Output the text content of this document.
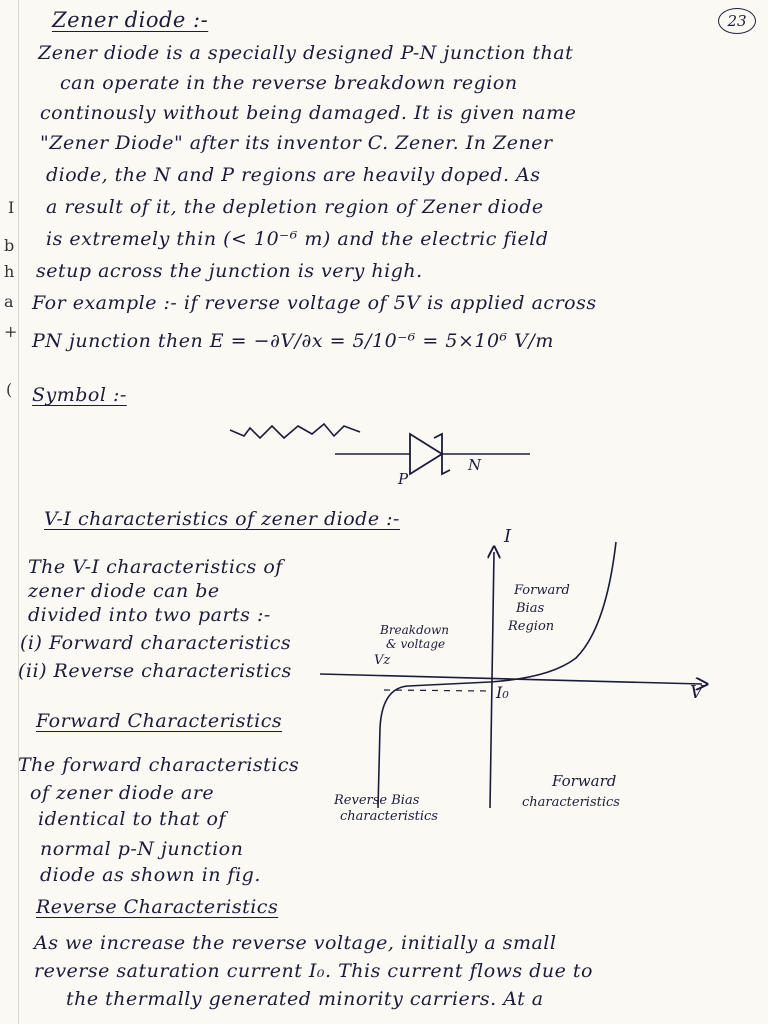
I
b
h
a
+
(
23
Zener diode :-
Zener diode is a specially designed P-N junction that
can operate in the reverse breakdown region
continously without being damaged. It is given name
"Zener Diode" after its inventor C. Zener. In Zener
diode, the N and P regions are heavily doped. As
a result of it, the depletion region of Zener diode
is extremely thin (< 10⁻⁶ m) and the electric field
setup across the junction is very high.
For example :- if reverse voltage of 5V is applied across
PN junction then E = −∂V/∂x = 5/10⁻⁶ = 5×10⁶ V/m
Symbol :-
P
N
V-I characteristics of zener diode :-
The V-I characteristics of
zener diode can be
divided into two parts :-
(i) Forward characteristics
(ii) Reverse characteristics
I
V
I₀
Forward
Bias
Region
Breakdown
& voltage
Vz
Reverse Bias
characteristics
Forward
characteristics
Forward Characteristics
The forward characteristics
of zener diode are
identical to that of
normal p-N junction
diode as shown in fig.
Reverse Characteristics
As we increase the reverse voltage, initially a small
reverse saturation current I₀. This current flows due to
the thermally generated minority carriers. At a
